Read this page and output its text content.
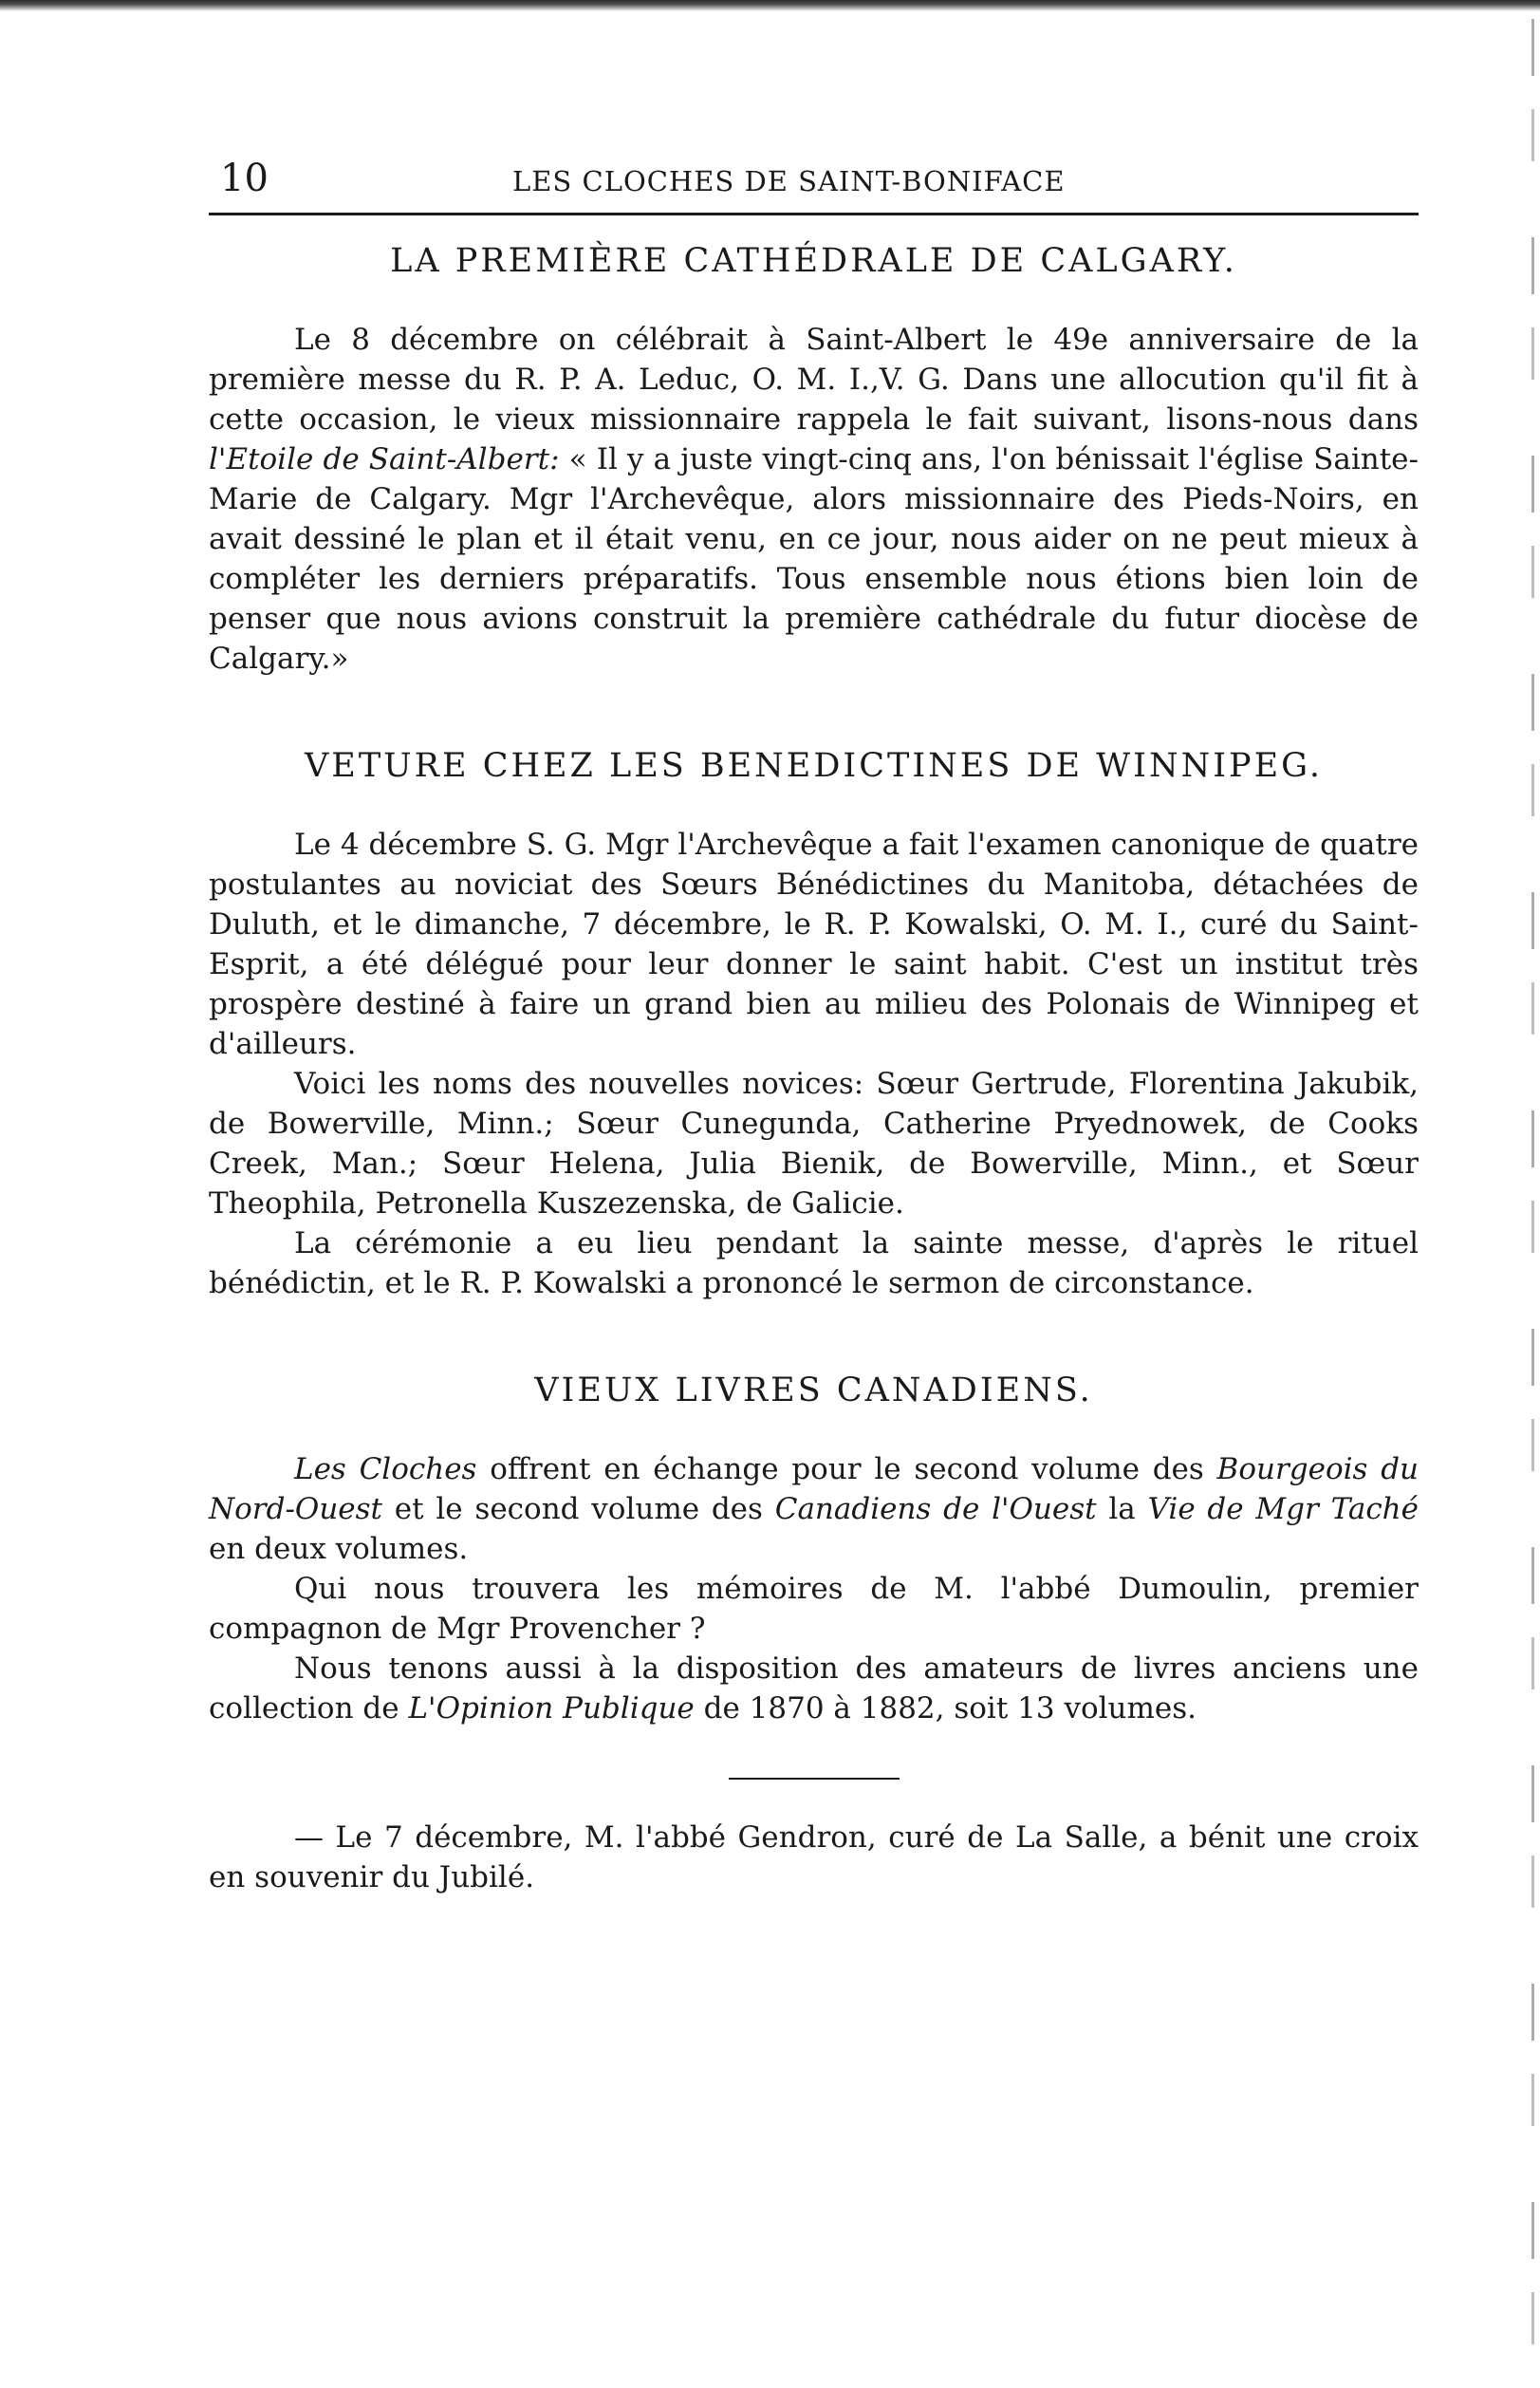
10	LES CLOCHES DE SAINT-BONIFACE
LA PREMIÈRE CATHÉDRALE DE CALGARY.

Le 8 décembre on célébrait à Saint-Albert le 49e anniversaire de la première messe du R. P. A. Leduc, O. M. I.,V. G. Dans une allocution qu'il fit à cette occasion, le vieux missionnaire rappela le fait suivant, lisons-nous dans l'Etoile de Saint-Albert: « Il y a juste vingt-cinq ans, l'on bénissait l'église Sainte-Marie de Calgary. Mgr l'Archevêque, alors missionnaire des Pieds-Noirs, en avait dessiné le plan et il était venu, en ce jour, nous aider on ne peut mieux à compléter les derniers préparatifs. Tous ensemble nous étions bien loin de penser que nous avions construit la première cathédrale du futur diocèse de Calgary.»

VETURE CHEZ LES BENEDICTINES DE WINNIPEG.

Le 4 décembre S. G. Mgr l'Archevêque a fait l'examen canonique de quatre postulantes au noviciat des Sœurs Bénédictines du Manitoba, détachées de Duluth, et le dimanche, 7 décembre, le R. P. Kowalski, O. M. I., curé du Saint-Esprit, a été délégué pour leur donner le saint habit. C'est un institut très prospère destiné à faire un grand bien au milieu des Polonais de Winnipeg et d'ailleurs.

Voici les noms des nouvelles novices: Sœur Gertrude, Florentina Jakubik, de Bowerville, Minn.; Sœur Cunegunda, Catherine Pryednowek, de Cooks Creek, Man.; Sœur Helena, Julia Bienik, de Bowerville, Minn., et Sœur Theophila, Petronella Kuszezenska, de Galicie.

La cérémonie a eu lieu pendant la sainte messe, d'après le rituel bénédictin, et le R. P. Kowalski a prononcé le sermon de circonstance.

VIEUX LIVRES CANADIENS.

Les Cloches offrent en échange pour le second volume des Bourgeois du Nord-Ouest et le second volume des Canadiens de l'Ouest la Vie de Mgr Taché en deux volumes.

Qui nous trouvera les mémoires de M. l'abbé Dumoulin, premier compagnon de Mgr Provencher ?

Nous tenons aussi à la disposition des amateurs de livres anciens une collection de L'Opinion Publique de 1870 à 1882, soit 13 volumes.

— Le 7 décembre, M. l'abbé Gendron, curé de La Salle, a bénit une croix en souvenir du Jubilé.
